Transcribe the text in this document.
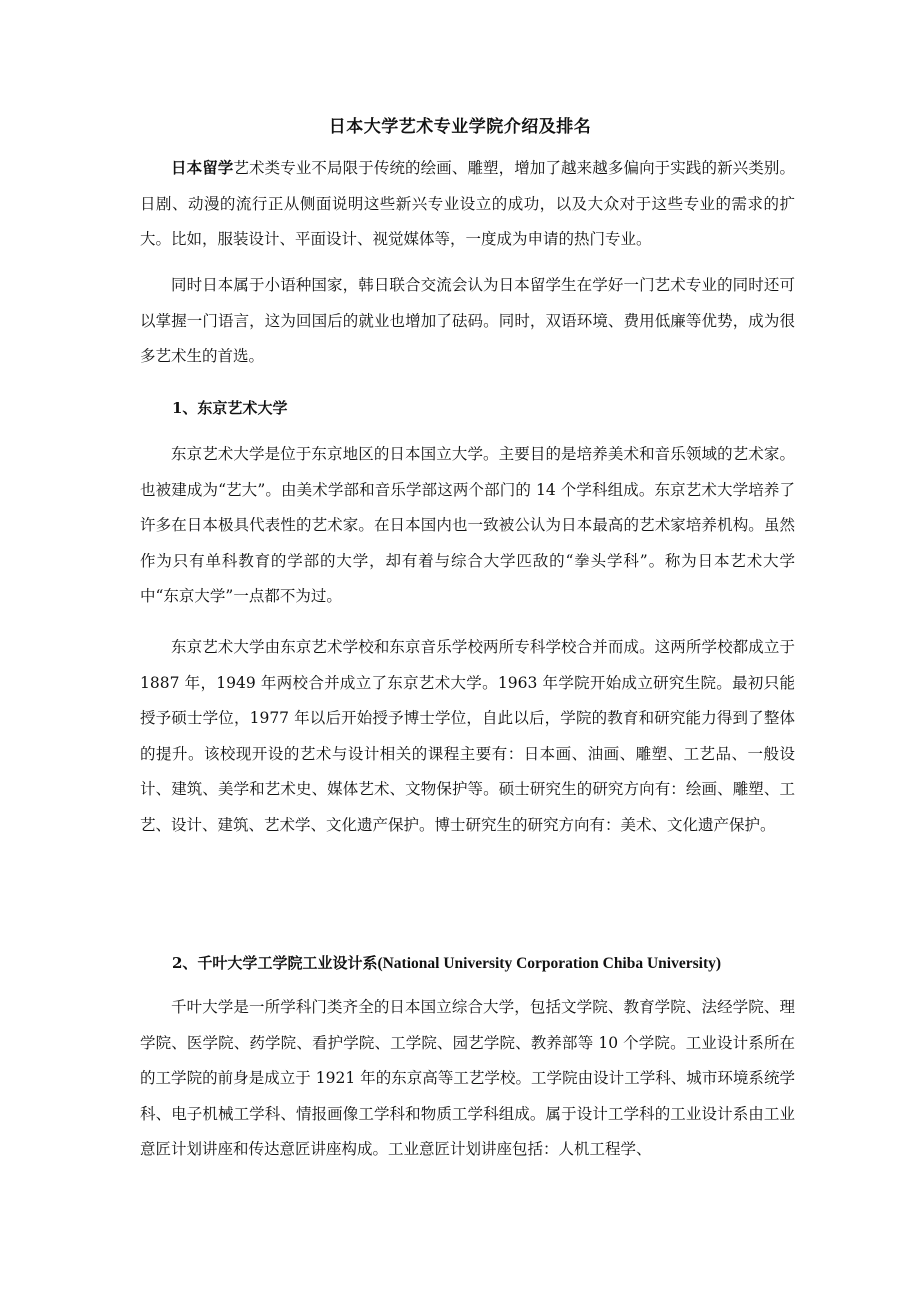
日本大学艺术专业学院介绍及排名

日本留学艺术类专业不局限于传统的绘画、雕塑，增加了越来越多偏向于实践的新兴类别。日剧、动漫的流行正从侧面说明这些新兴专业设立的成功，以及大众对于这些专业的需求的扩大。比如，服装设计、平面设计、视觉媒体等，一度成为申请的热门专业。

同时日本属于小语种国家，韩日联合交流会认为日本留学生在学好一门艺术专业的同时还可以掌握一门语言，这为回国后的就业也增加了砝码。同时，双语环境、费用低廉等优势，成为很多艺术生的首选。

1、东京艺术大学

东京艺术大学是位于东京地区的日本国立大学。主要目的是培养美术和音乐领域的艺术家。也被建成为“艺大”。由美术学部和音乐学部这两个部门的 14 个学科组成。东京艺术大学培养了许多在日本极具代表性的艺术家。在日本国内也一致被公认为日本最高的艺术家培养机构。虽然作为只有单科教育的学部的大学，却有着与综合大学匹敌的“拳头学科”。称为日本艺术大学中“东京大学”一点都不为过。

东京艺术大学由东京艺术学校和东京音乐学校两所专科学校合并而成。这两所学校都成立于 1887 年，1949 年两校合并成立了东京艺术大学。1963 年学院开始成立研究生院。最初只能授予硕士学位，1977 年以后开始授予博士学位，自此以后，学院的教育和研究能力得到了整体的提升。该校现开设的艺术与设计相关的课程主要有：日本画、油画、雕塑、工艺品、一般设计、建筑、美学和艺术史、媒体艺术、文物保护等。硕士研究生的研究方向有：绘画、雕塑、工艺、设计、建筑、艺术学、文化遗产保护。博士研究生的研究方向有：美术、文化遗产保护。

2、千叶大学工学院工业设计系(National University Corporation Chiba University)

千叶大学是一所学科门类齐全的日本国立综合大学，包括文学院、教育学院、法经学院、理学院、医学院、药学院、看护学院、工学院、园艺学院、教养部等 10 个学院。工业设计系所在的工学院的前身是成立于 1921 年的东京高等工艺学校。工学院由设计工学科、城市环境系统学科、电子机械工学科、情报画像工学科和物质工学科组成。属于设计工学科的工业设计系由工业意匠计划讲座和传达意匠讲座构成。工业意匠计划讲座包括：人机工程学、
